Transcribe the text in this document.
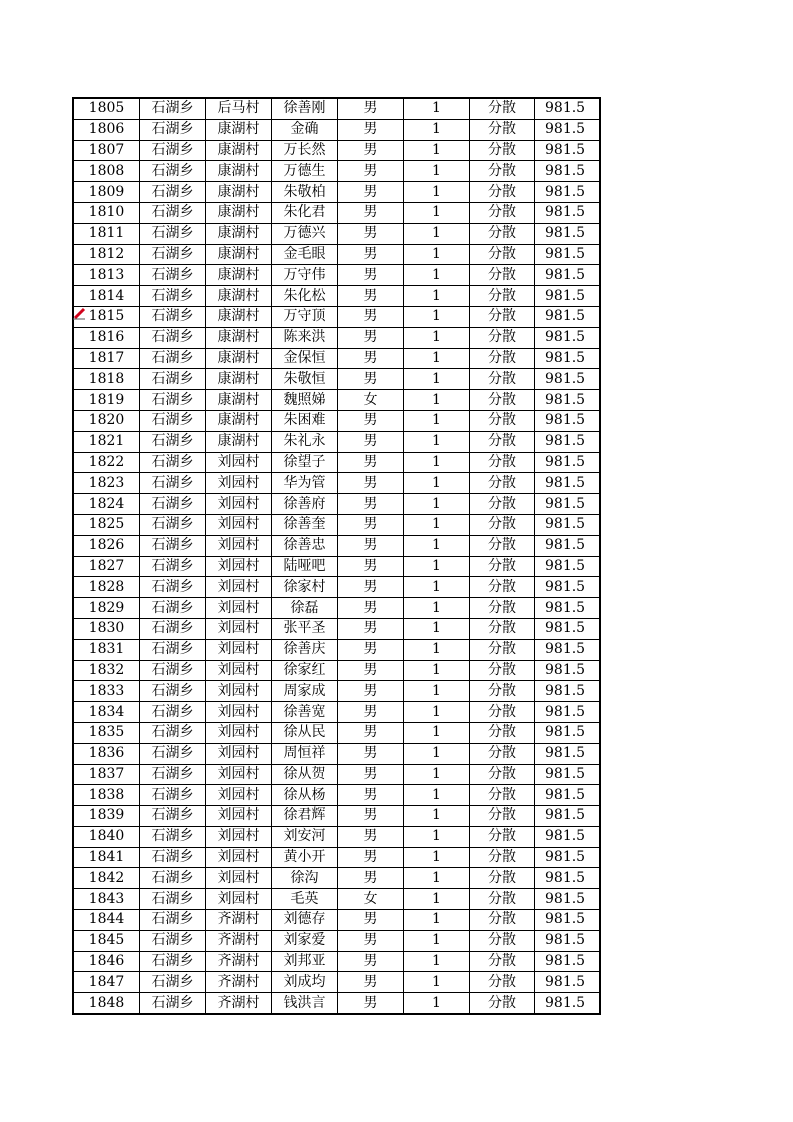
1805	石湖乡	后马村	徐善刚	男	1	分散	981.5
1806	石湖乡	康湖村	金确	男	1	分散	981.5
1807	石湖乡	康湖村	万长然	男	1	分散	981.5
1808	石湖乡	康湖村	万德生	男	1	分散	981.5
1809	石湖乡	康湖村	朱敬柏	男	1	分散	981.5
1810	石湖乡	康湖村	朱化君	男	1	分散	981.5
1811	石湖乡	康湖村	万德兴	男	1	分散	981.5
1812	石湖乡	康湖村	金毛眼	男	1	分散	981.5
1813	石湖乡	康湖村	万守伟	男	1	分散	981.5
1814	石湖乡	康湖村	朱化松	男	1	分散	981.5
1815	石湖乡	康湖村	万守顶	男	1	分散	981.5
1816	石湖乡	康湖村	陈来洪	男	1	分散	981.5
1817	石湖乡	康湖村	金保恒	男	1	分散	981.5
1818	石湖乡	康湖村	朱敬恒	男	1	分散	981.5
1819	石湖乡	康湖村	魏照娣	女	1	分散	981.5
1820	石湖乡	康湖村	朱困难	男	1	分散	981.5
1821	石湖乡	康湖村	朱礼永	男	1	分散	981.5
1822	石湖乡	刘园村	徐望子	男	1	分散	981.5
1823	石湖乡	刘园村	华为管	男	1	分散	981.5
1824	石湖乡	刘园村	徐善府	男	1	分散	981.5
1825	石湖乡	刘园村	徐善奎	男	1	分散	981.5
1826	石湖乡	刘园村	徐善忠	男	1	分散	981.5
1827	石湖乡	刘园村	陆哑吧	男	1	分散	981.5
1828	石湖乡	刘园村	徐家村	男	1	分散	981.5
1829	石湖乡	刘园村	徐磊	男	1	分散	981.5
1830	石湖乡	刘园村	张平圣	男	1	分散	981.5
1831	石湖乡	刘园村	徐善庆	男	1	分散	981.5
1832	石湖乡	刘园村	徐家红	男	1	分散	981.5
1833	石湖乡	刘园村	周家成	男	1	分散	981.5
1834	石湖乡	刘园村	徐善宽	男	1	分散	981.5
1835	石湖乡	刘园村	徐从民	男	1	分散	981.5
1836	石湖乡	刘园村	周恒祥	男	1	分散	981.5
1837	石湖乡	刘园村	徐从贺	男	1	分散	981.5
1838	石湖乡	刘园村	徐从杨	男	1	分散	981.5
1839	石湖乡	刘园村	徐君辉	男	1	分散	981.5
1840	石湖乡	刘园村	刘安河	男	1	分散	981.5
1841	石湖乡	刘园村	黄小开	男	1	分散	981.5
1842	石湖乡	刘园村	徐沟	男	1	分散	981.5
1843	石湖乡	刘园村	毛英	女	1	分散	981.5
1844	石湖乡	齐湖村	刘德存	男	1	分散	981.5
1845	石湖乡	齐湖村	刘家爱	男	1	分散	981.5
1846	石湖乡	齐湖村	刘邦亚	男	1	分散	981.5
1847	石湖乡	齐湖村	刘成均	男	1	分散	981.5
1848	石湖乡	齐湖村	钱洪言	男	1	分散	981.5
